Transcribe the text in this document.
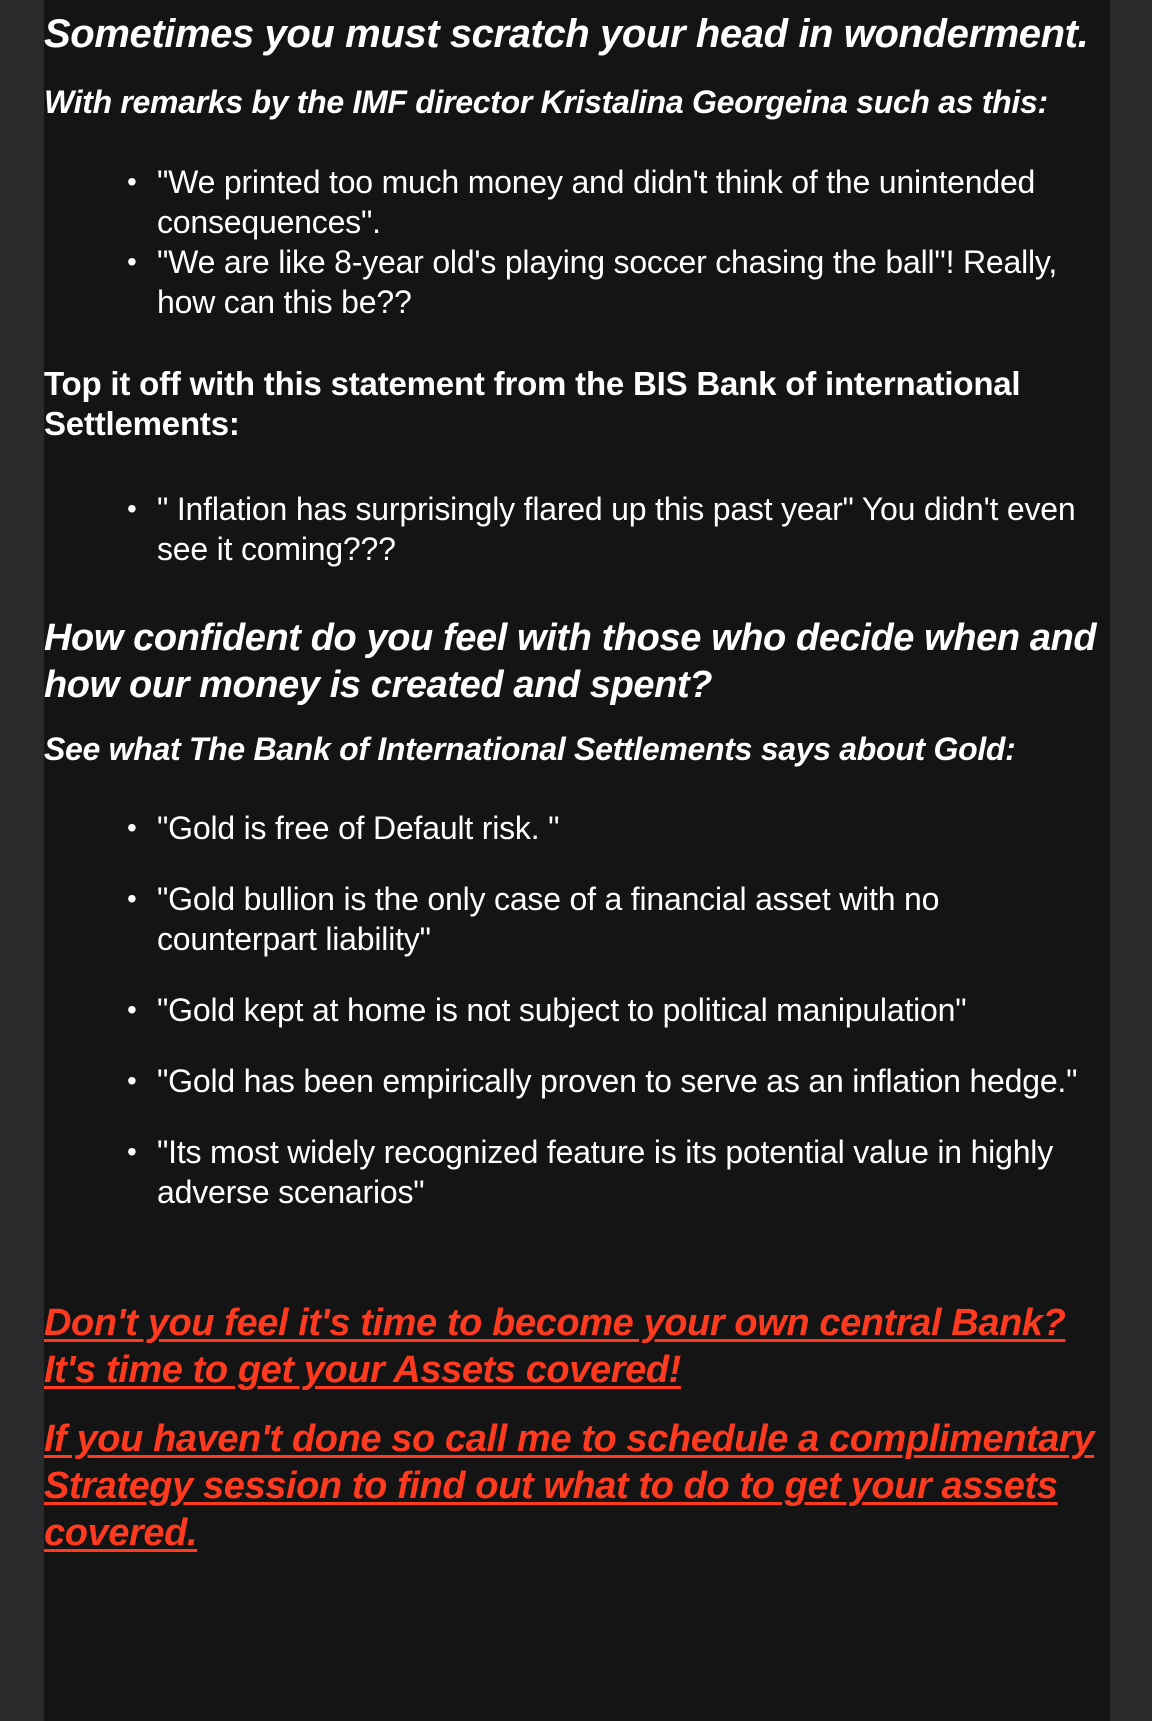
Sometimes you must scratch your head in wonderment.
With remarks by the IMF director Kristalina Georgeina such as this:
• "We printed too much money and didn't think of the unintended consequences".
• "We are like 8-year old's playing soccer chasing the ball"! Really, how can this be??
Top it off with this statement from the BIS Bank of international Settlements:
• " Inflation has surprisingly flared up this past year" You didn't even see it coming???
How confident do you feel with those who decide when and how our money is created and spent?
See what The Bank of International Settlements says about Gold:
• "Gold is free of Default risk. "
• "Gold bullion is the only case of a financial asset with no counterpart liability"
• "Gold kept at home is not subject to political manipulation"
• "Gold has been empirically proven to serve as an inflation hedge."
• "Its most widely recognized feature is its potential value in highly adverse scenarios"

Don't you feel it's time to become your own central Bank? It's time to get your Assets covered!

If you haven't done so call me to schedule a complimentary Strategy session to find out what to do to get your assets covered.
